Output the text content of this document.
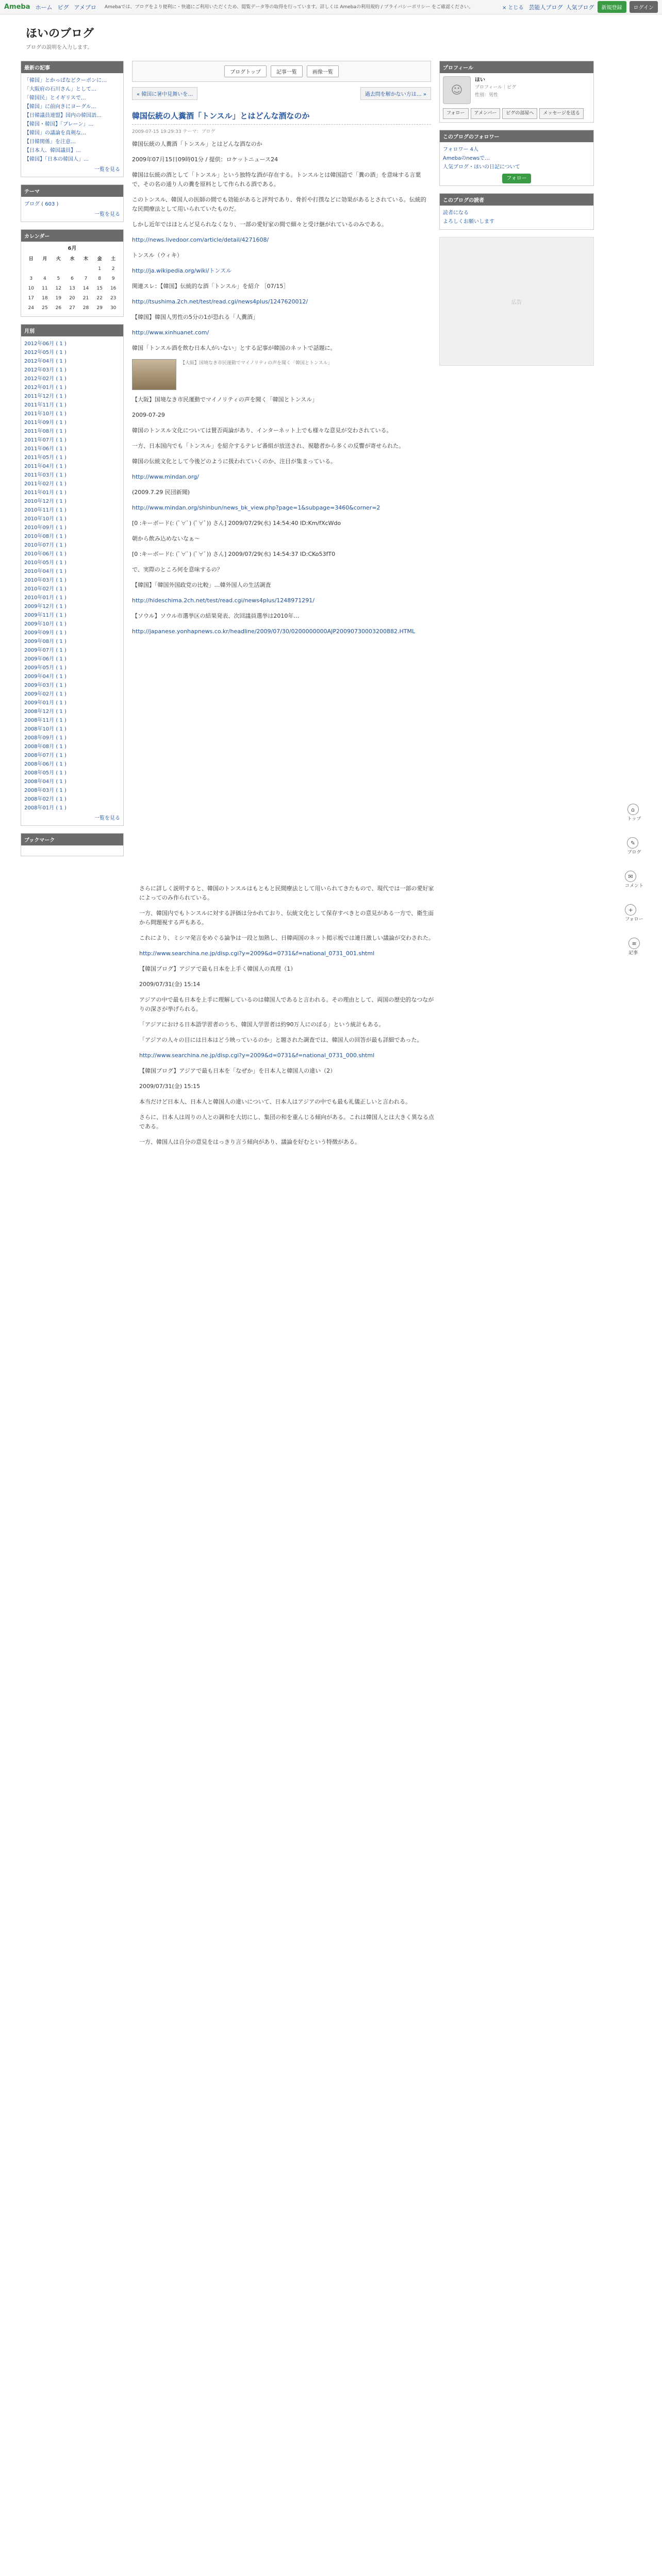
Ameba ホーム ピグ アメブロ	Amebaでは、ブログをより便利に・快適にご利用いただくため、閲覧データ等の取得を行っています。詳しくは Amebaの利用規約 / プライバシーポリシー をご確認ください。	× とじる 芸能人ブログ 人気ブログ	新規登録	ログイン
ほいのブログ
ブログの説明を入力します。
最新の記事
「韓国」とかっぱなどクーポンに…
「大阪府の石川さん」として…
「韓国民」とイギリスで…
【韓国」に前向きにヨーグル…
【日韓議員連盟】国内の韓国語…
【韓国・韓国】「ブレーン」…
【韓国」の議論を真剣な…
【日韓関係」を注意…
【日本人、韓国議員】…
【韓国】「日本の韓国人」…
一覧を見る
テーマ
ブログ ( 603 )
一覧を見る
カレンダー
6月
日	月	火	水	木	金	土
					1	2
3	4	5	6	7	8	9
10	11	12	13	14	15	16
17	18	19	20	21	22	23
24	25	26	27	28	29	30
月別
2012年06月 ( 1 )
2012年05月 ( 1 )
2012年04月 ( 1 )
2012年03月 ( 1 )
2012年02月 ( 1 )
2012年01月 ( 1 )
2011年12月 ( 1 )
2011年11月 ( 1 )
2011年10月 ( 1 )
2011年09月 ( 1 )
2011年08月 ( 1 )
2011年07月 ( 1 )
2011年06月 ( 1 )
2011年05月 ( 1 )
2011年04月 ( 1 )
2011年03月 ( 1 )
2011年02月 ( 1 )
2011年01月 ( 1 )
2010年12月 ( 1 )
2010年11月 ( 1 )
2010年10月 ( 1 )
2010年09月 ( 1 )
2010年08月 ( 1 )
2010年07月 ( 1 )
2010年06月 ( 1 )
2010年05月 ( 1 )
2010年04月 ( 1 )
2010年03月 ( 1 )
2010年02月 ( 1 )
2010年01月 ( 1 )
2009年12月 ( 1 )
2009年11月 ( 1 )
2009年10月 ( 1 )
2009年09月 ( 1 )
2009年08月 ( 1 )
2009年07月 ( 1 )
2009年06月 ( 1 )
2009年05月 ( 1 )
2009年04月 ( 1 )
2009年03月 ( 1 )
2009年02月 ( 1 )
2009年01月 ( 1 )
2008年12月 ( 1 )
2008年11月 ( 1 )
2008年10月 ( 1 )
2008年09月 ( 1 )
2008年08月 ( 1 )
2008年07月 ( 1 )
2008年06月 ( 1 )
2008年05月 ( 1 )
2008年04月 ( 1 )
2008年03月 ( 1 )
2008年02月 ( 1 )
2008年01月 ( 1 )
一覧を見る
ブックマーク
ブログトップ	記事一覧	画像一覧
« 韓国に暑中見舞いを…	過去問を解かない方は… »
韓国伝統の人糞酒「トンスル」とはどんな酒なのか
2009-07-15 19:29:33 テーマ：ブログ

韓国伝統の人糞酒「トンスル」とはどんな酒なのか

2009年07月15日09時01分 / 提供：ロケットニュース24

韓国は伝統の酒として「トンスル」という独特な酒が存在する。トンスルとは韓国語で「糞の酒」を意味する言葉で、その名の通り人の糞を原料として作られる酒である。

このトンスル、韓国人の医師の間でも効能があると評判であり、骨折や打撲などに効果があるとされている。伝統的な民間療法として用いられていたものだ。

しかし近年ではほとんど見られなくなり、一部の愛好家の間で細々と受け継がれているのみである。

http://news.livedoor.com/article/detail/4271608/

トンスル（ウィキ）

http://ja.wikipedia.org/wiki/トンスル

関連スレ：【韓国】伝統的な酒「トンスル」を紹介 ［07/15］

http://tsushima.2ch.net/test/read.cgi/news4plus/1247620012/

【韓国】韓国人男性の5分の1が恐れる「人糞酒」

http://www.xinhuanet.com/

韓国「トンスル酒を飲む日本人がいない」とする記事が韓国のネットで話題に。

【大阪】国境なき市民運動でマイノリティの声を聞く「韓国とトンスル」

【大阪】国境なき市民運動でマイノリティの声を聞く「韓国とトンスル」

2009-07-29

韓国のトンスル文化については賛否両論があり、インターネット上でも様々な意見が交わされている。

一方、日本国内でも「トンスル」を紹介するテレビ番組が放送され、視聴者から多くの反響が寄せられた。

韓国の伝統文化として今後どのように扱われていくのか、注目が集まっている。

http://www.mindan.org/

(2009.7.29 民団新聞)

http://www.mindan.org/shinbun/news_bk_view.php?page=1&subpage=3460&corner=2

[0 :キーボード(: (ﾟ∀ﾟ) (ﾟ∀ﾟ)) さん] 2009/07/29(水) 14:54:40 ID:Km/fXcWdo

朝から飲み込めないなぁ～

[0 :キーボード(: (ﾟ∀ﾟ) (ﾟ∀ﾟ)) さん] 2009/07/29(水) 14:54:37 ID:CKo53fT0

で、実際のところ何を意味するの？

【韓国】「韓国外国政党の比較」…韓外国人の生活調査

http://hideschima.2ch.net/test/read.cgi/news4plus/1248971291/

【ソウル】ソウル市選挙区の結果発表、次回議員選挙は2010年…

http://japanese.yonhapnews.co.kr/headline/2009/07/30/0200000000AJP20090730003200882.HTML

プロフィール
☺
ほい
プロフィール｜ピグ
性別：男性
フォロー	アメンバー	ピグの部屋へ	メッセージを送る
このブログのフォロワー
フォロワー 4人
Amebaのnewsで…
人気ブログ・ほいの日記について
フォロー
このブログの読者
読者になる
よろしくお願いします
広告
⌂
トップ
✎
ブログ
✉
コメント
+
フォロー
≡
記事

さらに詳しく説明すると、韓国のトンスルはもともと民間療法として用いられてきたもので、現代では一部の愛好家によってのみ作られている。

一方、韓国内でもトンスルに対する評価は分かれており、伝統文化として保存すべきとの意見がある一方で、衛生面から問題視する声もある。

これにより、ミシマ発言をめぐる論争は一段と加熱し、日韓両国のネット掲示板では連日激しい議論が交わされた。

http://www.searchina.ne.jp/disp.cgi?y=2009&d=0731&f=national_0731_001.shtml

【韓国ブログ】アジアで最も日本を上手く韓国人の真理（1）

2009/07/31(金) 15:14

アジアの中で最も日本を上手に理解しているのは韓国人であると言われる。その理由として、両国の歴史的なつながりの深さが挙げられる。

「アジアにおける日本語学習者のうち、韓国人学習者は約90万人にのぼる」という統計もある。

「アジアの人々の目には日本はどう映っているのか」と題された調査では、韓国人の回答が最も詳細であった。

http://www.searchina.ne.jp/disp.cgi?y=2009&d=0731&f=national_0731_000.shtml

【韓国ブログ】アジアで最も日本を「なぜか」を日本人と韓国人の違い（2）

2009/07/31(金) 15:15

本当だけど日本人、日本人と韓国人の違いについて、日本人はアジアの中でも最も礼儀正しいと言われる。

さらに、日本人は周りの人との調和を大切にし、集団の和を重んじる傾向がある。これは韓国人とは大きく異なる点である。

一方、韓国人は自分の意見をはっきり言う傾向があり、議論を好むという特徴がある。
